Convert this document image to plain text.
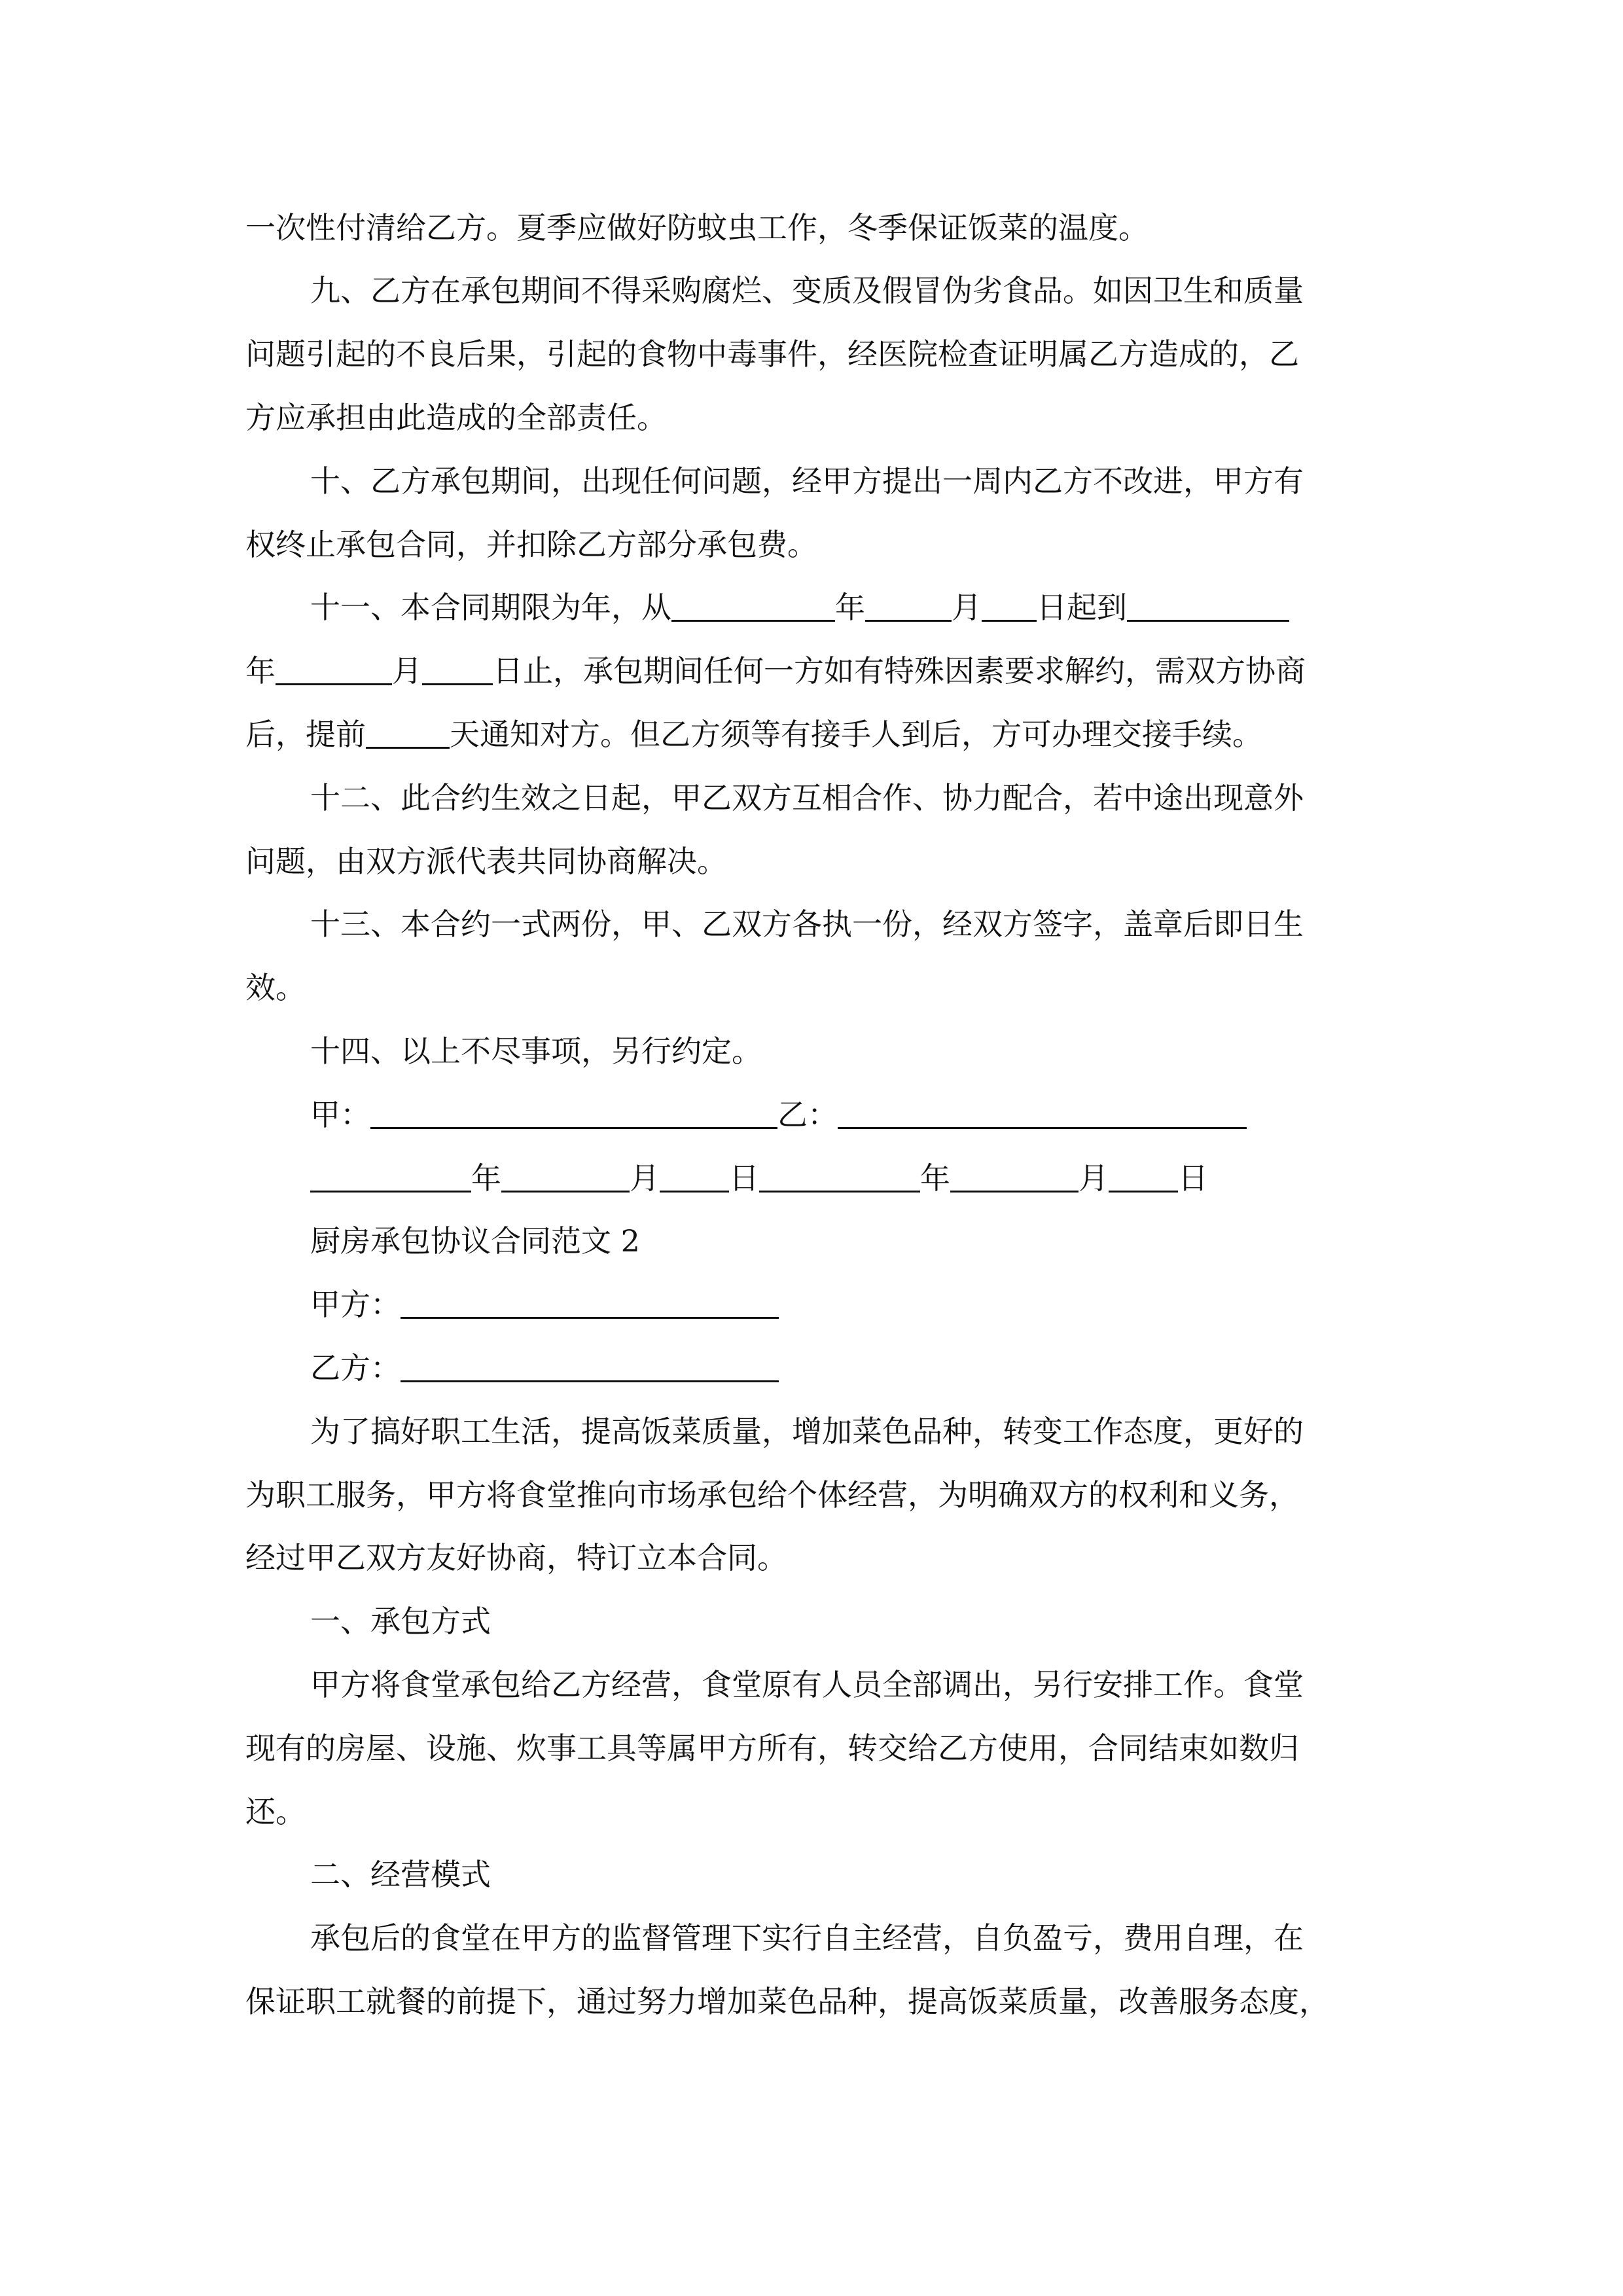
一次性付清给乙方。夏季应做好防蚊虫工作，冬季保证饭菜的温度。
九、乙方在承包期间不得采购腐烂、变质及假冒伪劣食品。如因卫生和质量
问题引起的不良后果，引起的食物中毒事件，经医院检查证明属乙方造成的，乙
方应承担由此造成的全部责任。
十、乙方承包期间，出现任何问题，经甲方提出一周内乙方不改进，甲方有
权终止承包合同，并扣除乙方部分承包费。
十一、本合同期限为年，从	年	月 日起到
年	月 日止，承包期间任何一方如有特殊因素要求解约，需双方协商
后，提前	天通知对方。但乙方须等有接手人到后，方可办理交接手续。
十二、此合约生效之日起，甲乙双方互相合作、协力配合，若中途出现意外
问题，由双方派代表共同协商解决。
十三、本合约一式两份，甲、乙双方各执一份，经双方签字，盖章后即日生
效。
十四、以上不尽事项，另行约定。
甲：	乙：
年	月 日	年	月 日
厨房承包协议合同范文 2
甲方：
乙方：
为了搞好职工生活，提高饭菜质量，增加菜色品种，转变工作态度，更好的
为职工服务，甲方将食堂推向市场承包给个体经营，为明确双方的权利和义务，
经过甲乙双方友好协商，特订立本合同。
一、承包方式
甲方将食堂承包给乙方经营，食堂原有人员全部调出，另行安排工作。食堂
现有的房屋、设施、炊事工具等属甲方所有，转交给乙方使用，合同结束如数归
还。
二、经营模式
承包后的食堂在甲方的监督管理下实行自主经营，自负盈亏，费用自理，在
保证职工就餐的前提下，通过努力增加菜色品种，提高饭菜质量，改善服务态度，
